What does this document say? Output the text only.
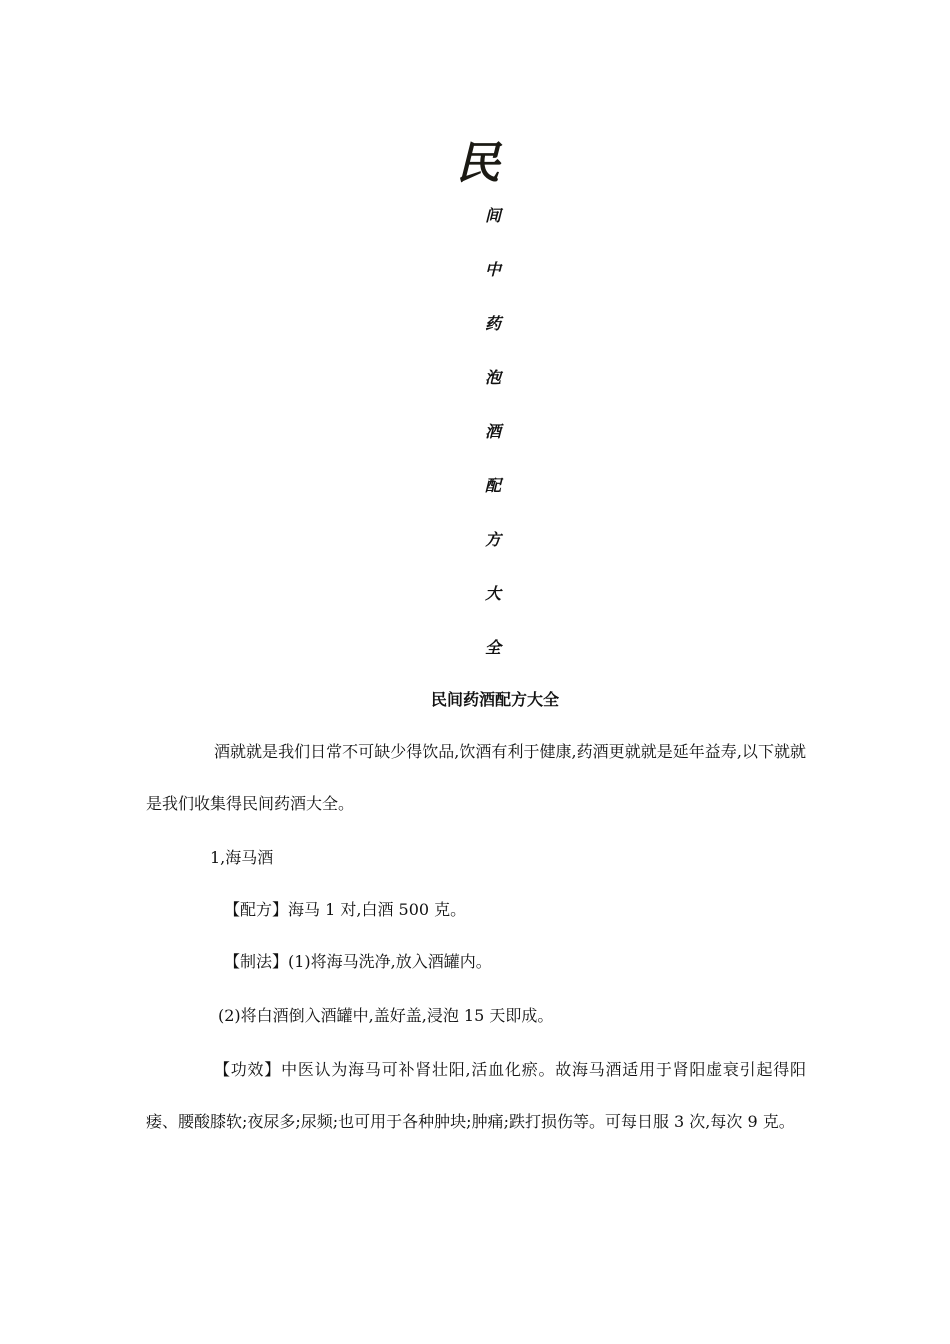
民
间
中
药
泡
酒
配
方
大
全
民间药酒配方大全

酒就就是我们日常不可缺少得饮品,饮酒有利于健康,药酒更就就是延年益寿,以下就就是我们收集得民间药酒大全。

1,海马酒

【配方】海马 1 对,白酒 500 克。

【制法】(1)将海马洗净,放入酒罐内。

(2)将白酒倒入酒罐中,盖好盖,浸泡 15 天即成。

【功效】中医认为海马可补肾壮阳,活血化瘀。故海马酒适用于肾阳虚衰引起得阳痿、腰酸膝软;夜尿多;尿频;也可用于各种肿块;肿痛;跌打损伤等。可每日服 3 次,每次 9 克。
